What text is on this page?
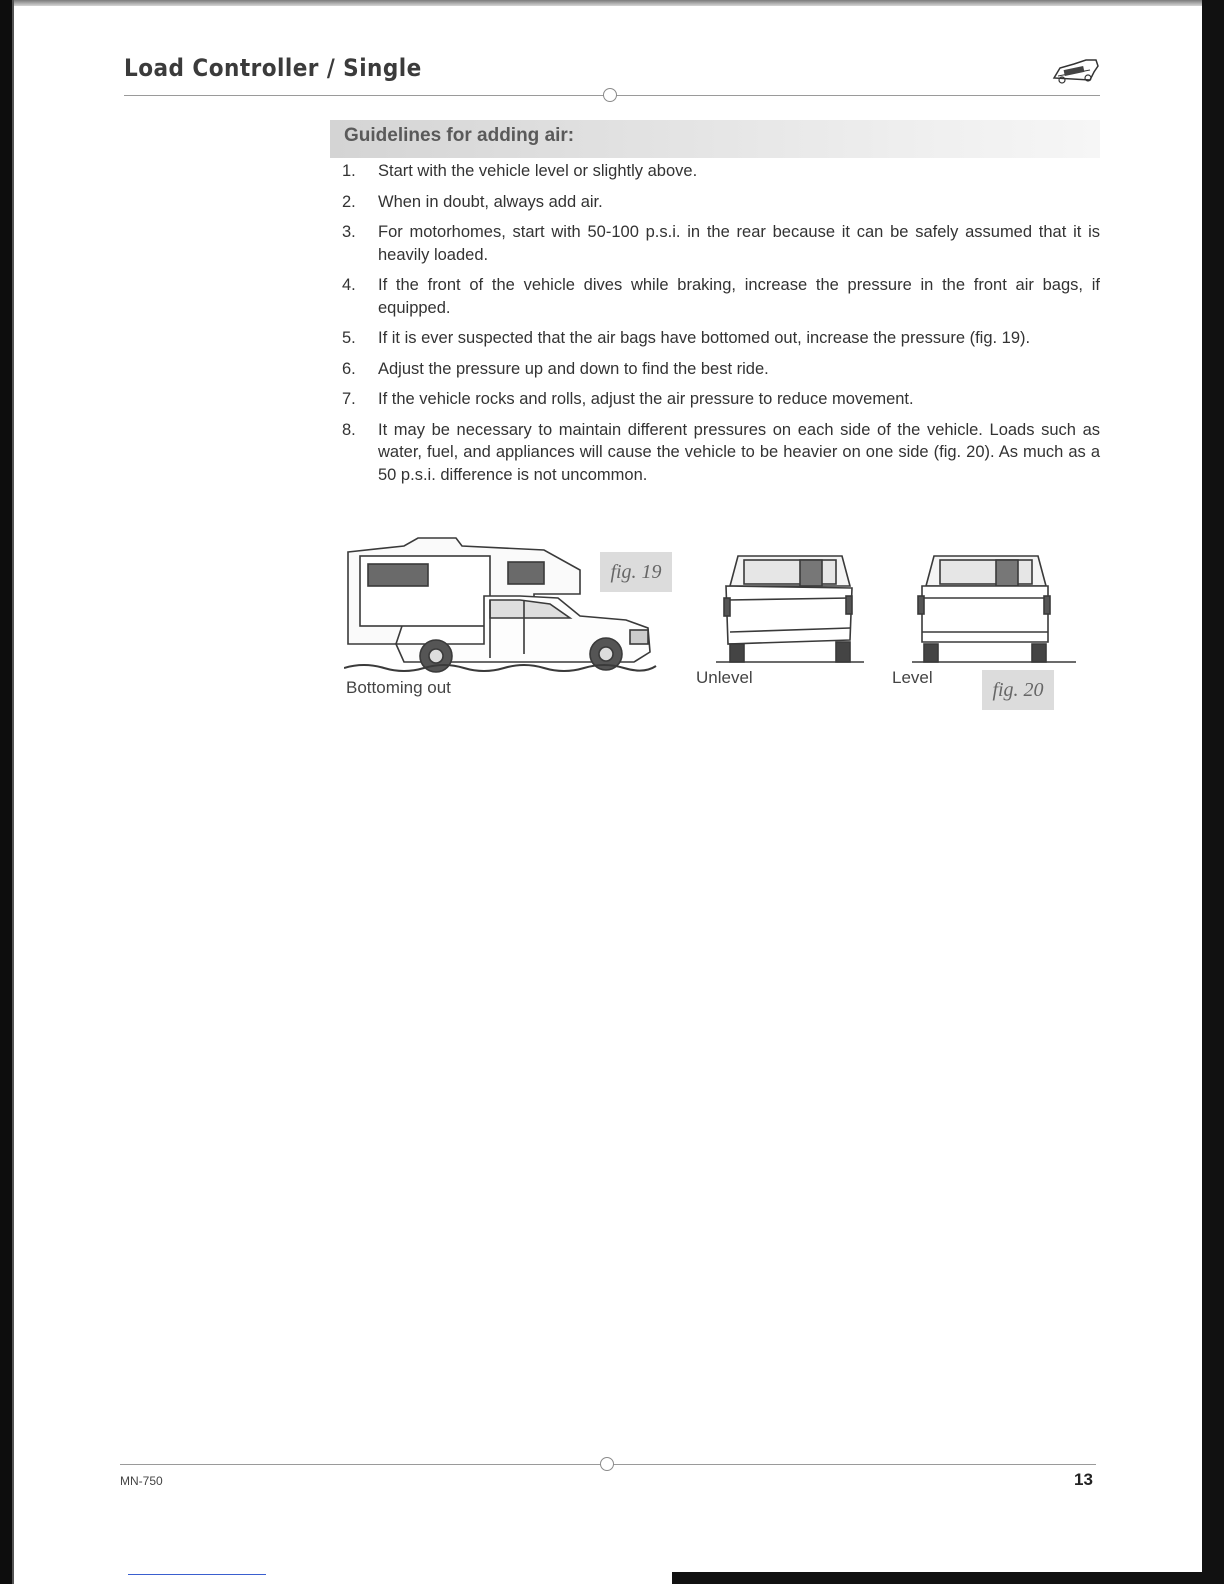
Load Controller / Single
Guidelines for adding air:
1.	Start with the vehicle level or slightly above.
2.	When in doubt, always add air.
3.	For motorhomes, start with 50-100 p.s.i. in the rear because it can be safely assumed that it is heavily loaded.
4.	If the front of the vehicle dives while braking, increase the pressure in the front air bags, if equipped.
5.	If it is ever suspected that the air bags have bottomed out, increase the pressure (fig. 19).
6.	Adjust the pressure up and down to find the best ride.
7.	If the vehicle rocks and rolls, adjust the air pressure to reduce movement.
8.	It may be necessary to maintain different pressures on each side of the vehicle. Loads such as water, fuel, and appliances will cause the vehicle to be heavier on one side (fig. 20). As much as a 50 p.s.i. difference is not uncommon.
fig. 19
Bottoming out
Unlevel	Level
fig. 20
MN-750	13
